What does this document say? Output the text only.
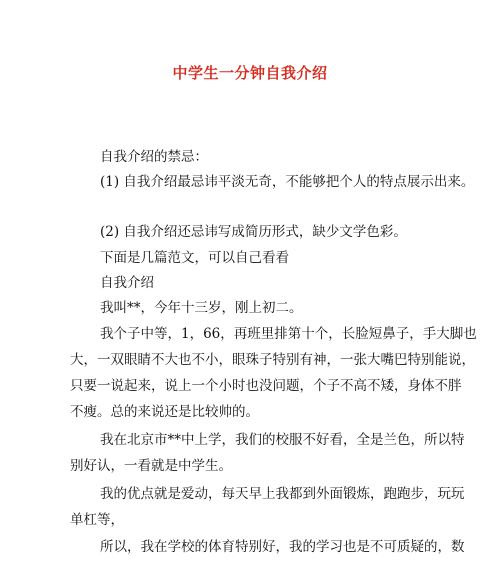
中学生一分钟自我介绍
自我介绍的禁忌：
(1) 自我介绍最忌讳平淡无奇，不能够把个人的特点展示出来。
(2) 自我介绍还忌讳写成简历形式，缺少文学色彩。
下面是几篇范文，可以自己看看
自我介绍
我叫**，今年十三岁，刚上初二。
我个子中等，1，66，再班里排第十个，长脸短鼻子，手大脚也
大，一双眼睛不大也不小，眼珠子特别有神，一张大嘴巴特别能说，
只要一说起来，说上一个小时也没问题，个子不高不矮，身体不胖
不瘦。总的来说还是比较帅的。
我在北京市**中上学，我们的校服不好看，全是兰色，所以特
别好认，一看就是中学生。
我的优点就是爱动，每天早上我都到外面锻炼，跑跑步，玩玩
单杠等，
所以，我在学校的体育特别好，我的学习也是不可质疑的，数
